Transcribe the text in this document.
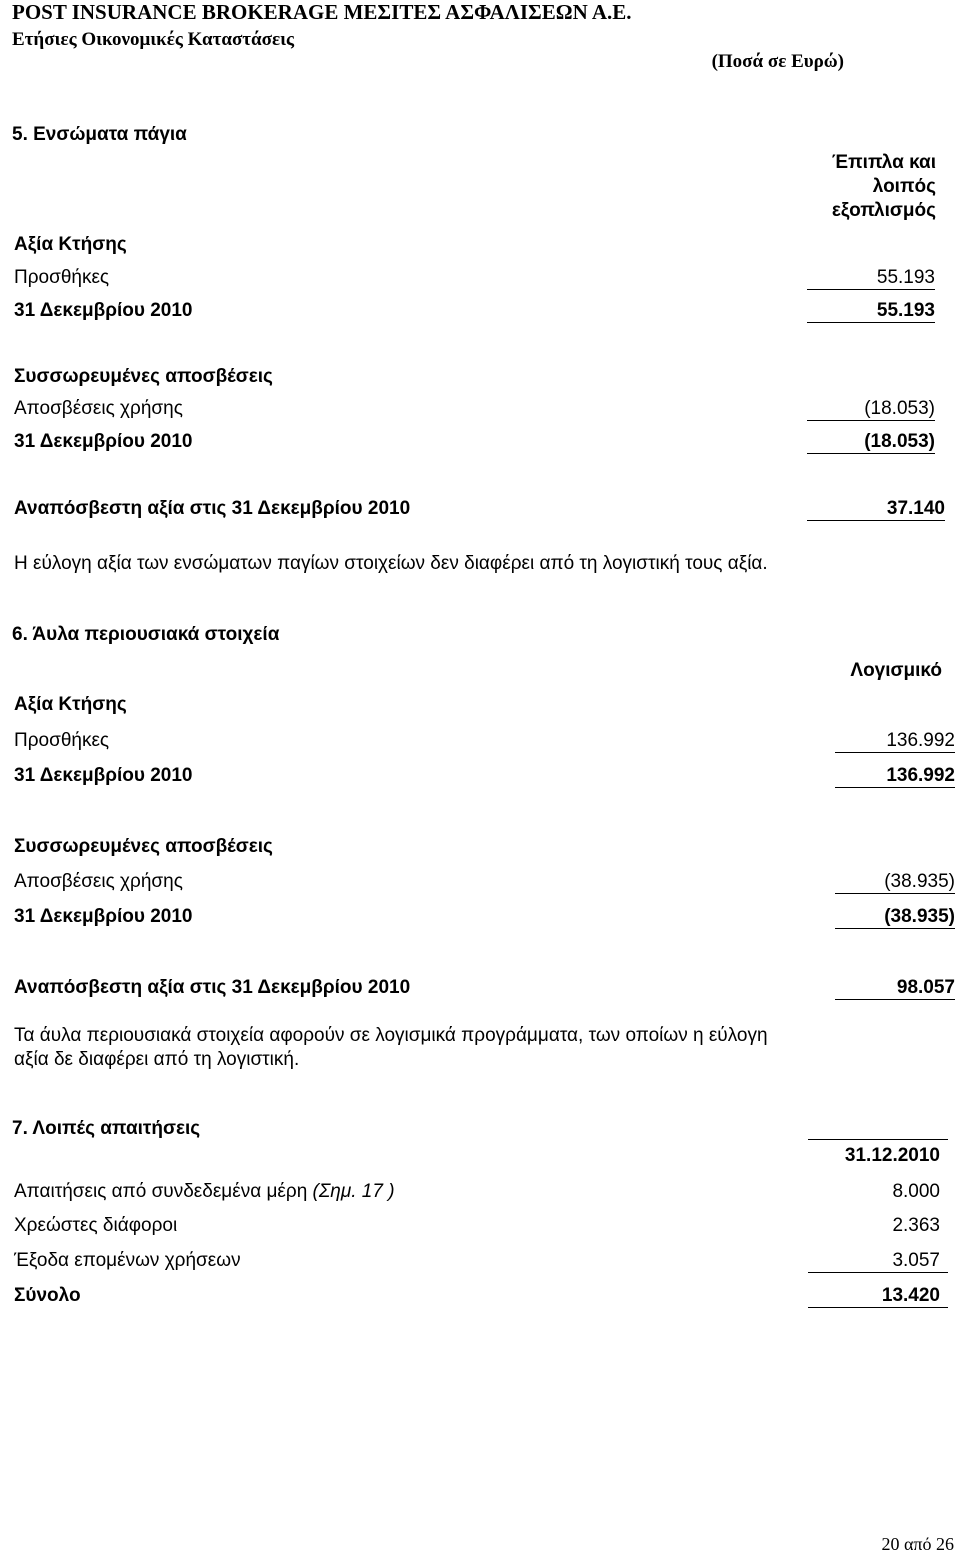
POST INSURANCE BROKERAGE ΜΕΣΙΤΕΣ ΑΣΦΑΛΙΣΕΩΝ Α.Ε.
Ετήσιες Οικονομικές Καταστάσεις
(Ποσά σε Ευρώ)
5. Ενσώματα πάγια
Έπιπλα και
λοιπός
εξοπλισμός
Αξία Κτήσης
Προσθήκες	55.193
31 Δεκεμβρίου 2010	55.193
Συσσωρευμένες αποσβέσεις
Αποσβέσεις χρήσης	(18.053)
31 Δεκεμβρίου 2010	(18.053)
Αναπόσβεστη αξία στις 31 Δεκεμβρίου 2010	37.140
Η εύλογη αξία των ενσώματων παγίων στοιχείων δεν διαφέρει από τη λογιστική τους αξία.
6. Άυλα περιουσιακά στοιχεία
Λογισμικό
Αξία Κτήσης
Προσθήκες	136.992
31 Δεκεμβρίου 2010	136.992
Συσσωρευμένες αποσβέσεις
Αποσβέσεις χρήσης	(38.935)
31 Δεκεμβρίου 2010	(38.935)
Αναπόσβεστη αξία στις 31 Δεκεμβρίου 2010	98.057
Τα άυλα περιουσιακά στοιχεία αφορούν σε λογισμικά προγράμματα, των οποίων η εύλογη
αξία δε διαφέρει από τη λογιστική.
7. Λοιπές απαιτήσεις
31.12.2010
Απαιτήσεις από συνδεδεμένα μέρη (Σημ. 17 )	8.000
Χρεώστες διάφοροι	2.363
Έξοδα επομένων χρήσεων	3.057
Σύνολο	13.420
20 από 26
